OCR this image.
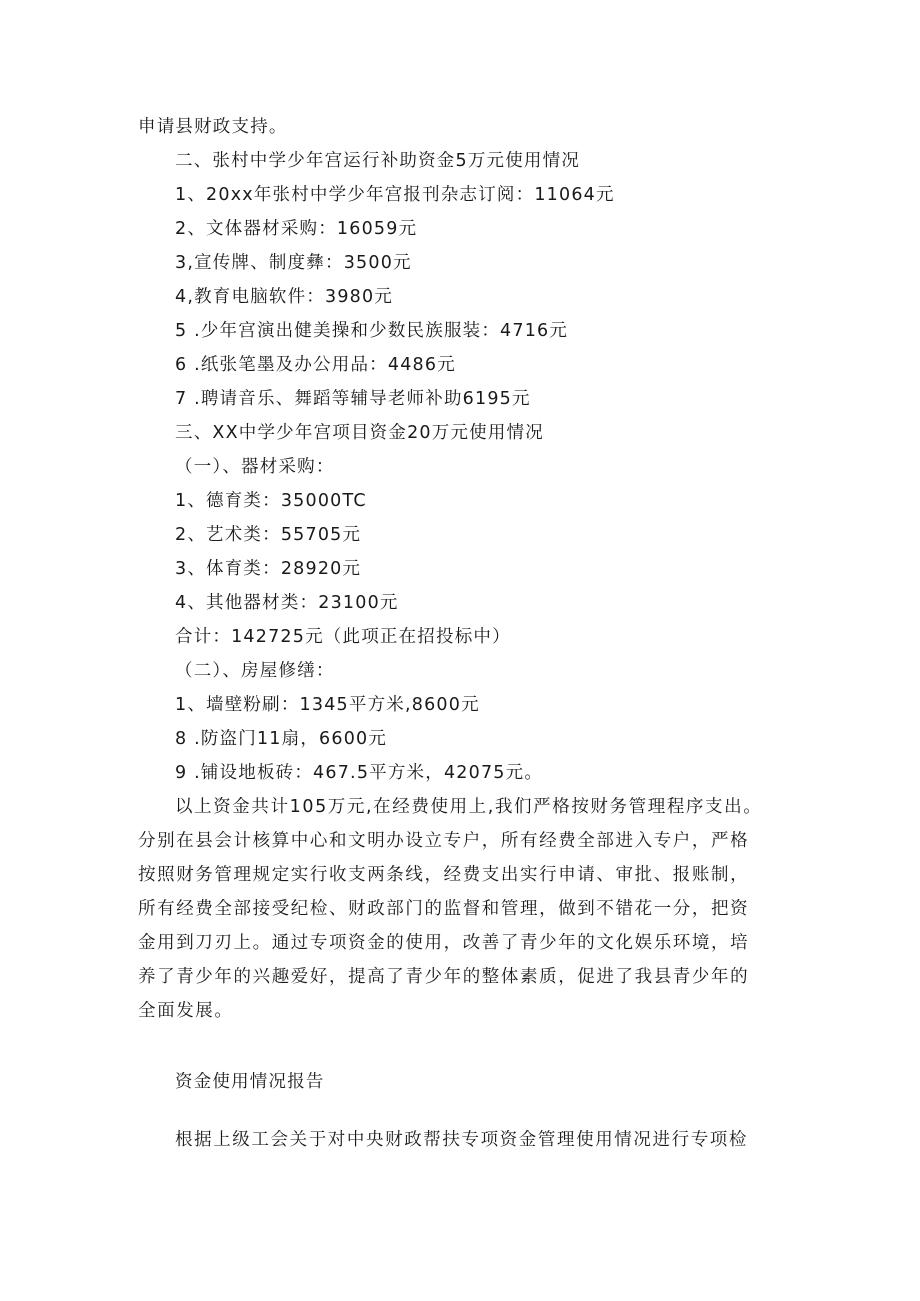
申请县财政支持。
二、张村中学少年宫运行补助资金5万元使用情况
1、20xx年张村中学少年宫报刊杂志订阅：11064元
2、文体器材采购：16059元
3,宣传牌、制度彝：3500元
4,教育电脑软件：3980元
5 .少年宫演出健美操和少数民族服装：4716元
6 .纸张笔墨及办公用品：4486元
7 .聘请音乐、舞蹈等辅导老师补助6195元
三、XX中学少年宫项目资金20万元使用情况
（一）、器材采购：
1、德育类：35000TC
2、艺术类：55705元
3、体育类：28920元
4、其他器材类：23100元
合计：142725元（此项正在招投标中）
（二）、房屋修缮：
1、墙壁粉刷：1345平方米,8600元
8 .防盗门11扇，6600元
9 .铺设地板砖：467.5平方米，42075元。
以上资金共计105万元,在经费使用上,我们严格按财务管理程序支出。
分别在县会计核算中心和文明办设立专户，所有经费全部进入专户，严格
按照财务管理规定实行收支两条线，经费支出实行申请、审批、报账制，
所有经费全部接受纪检、财政部门的监督和管理，做到不错花一分，把资
金用到刀刃上。通过专项资金的使用，改善了青少年的文化娱乐环境，培
养了青少年的兴趣爱好，提高了青少年的整体素质，促进了我县青少年的
全面发展。
资金使用情况报告
根据上级工会关于对中央财政帮扶专项资金管理使用情况进行专项检
